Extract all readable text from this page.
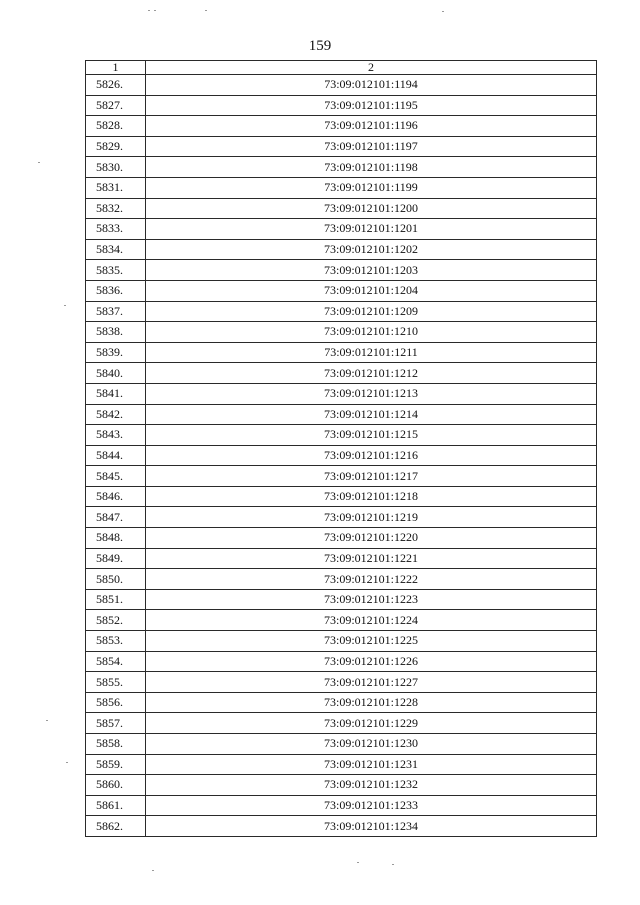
159
1	2
5826.	73:09:012101:1194
5827.	73:09:012101:1195
5828.	73:09:012101:1196
5829.	73:09:012101:1197
5830.	73:09:012101:1198
5831.	73:09:012101:1199
5832.	73:09:012101:1200
5833.	73:09:012101:1201
5834.	73:09:012101:1202
5835.	73:09:012101:1203
5836.	73:09:012101:1204
5837.	73:09:012101:1209
5838.	73:09:012101:1210
5839.	73:09:012101:1211
5840.	73:09:012101:1212
5841.	73:09:012101:1213
5842.	73:09:012101:1214
5843.	73:09:012101:1215
5844.	73:09:012101:1216
5845.	73:09:012101:1217
5846.	73:09:012101:1218
5847.	73:09:012101:1219
5848.	73:09:012101:1220
5849.	73:09:012101:1221
5850.	73:09:012101:1222
5851.	73:09:012101:1223
5852.	73:09:012101:1224
5853.	73:09:012101:1225
5854.	73:09:012101:1226
5855.	73:09:012101:1227
5856.	73:09:012101:1228
5857.	73:09:012101:1229
5858.	73:09:012101:1230
5859.	73:09:012101:1231
5860.	73:09:012101:1232
5861.	73:09:012101:1233
5862.	73:09:012101:1234
